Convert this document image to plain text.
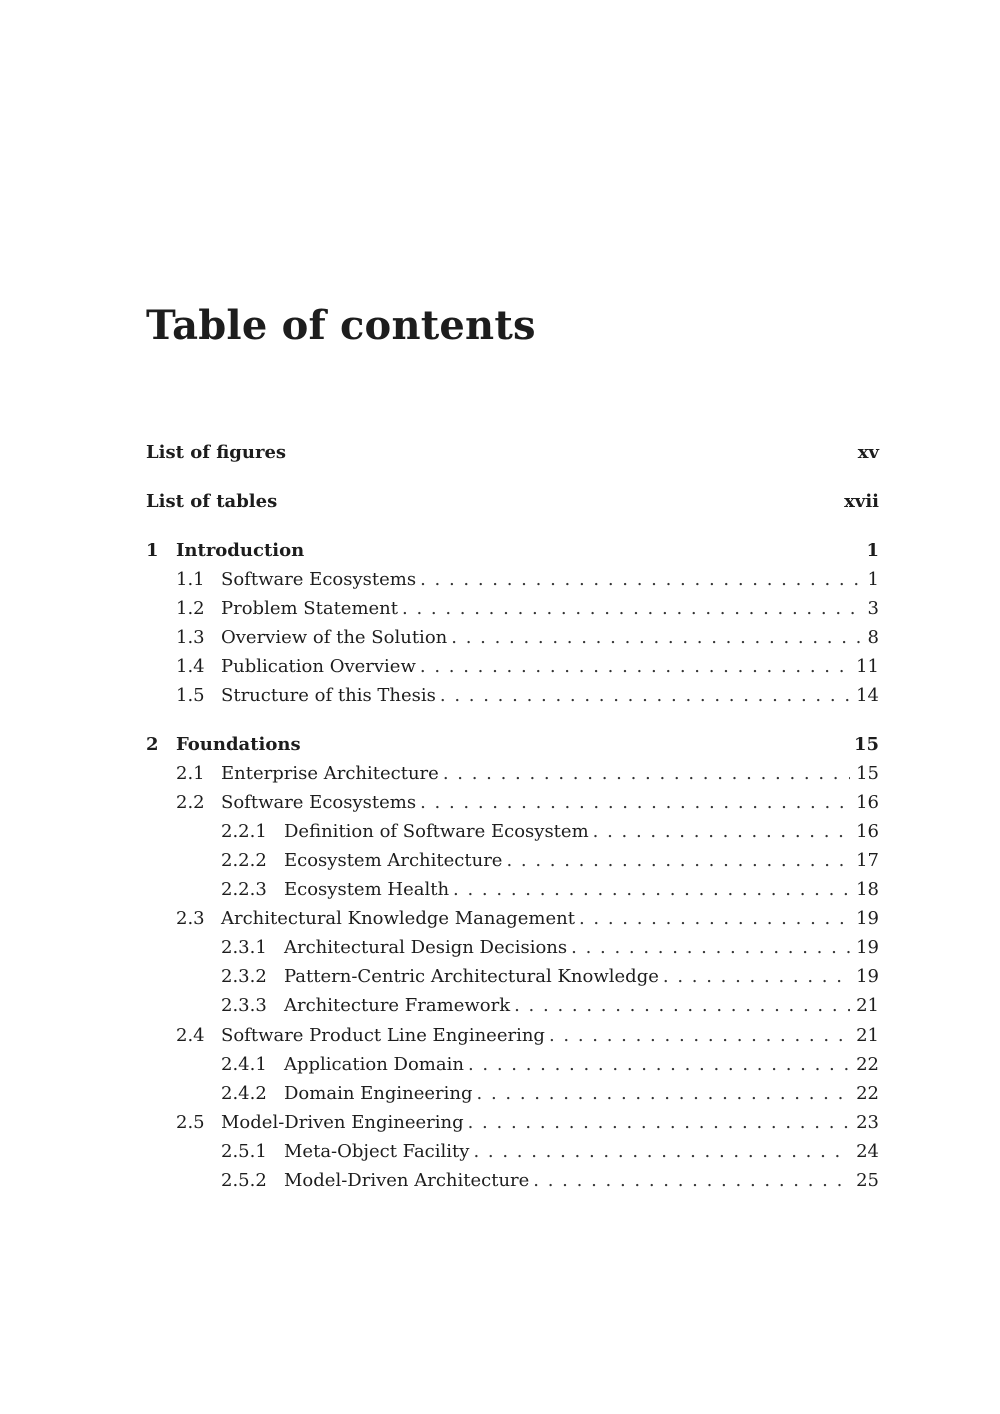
Table of contents
List of figures	xv
List of tables	xvii
1 Introduction	1
1.1 Software Ecosystems . . .	1
1.2 Problem Statement . . .	3
1.3 Overview of the Solution . . .	8
1.4 Publication Overview . . .	11
1.5 Structure of this Thesis . . .	14
2 Foundations	15
2.1 Enterprise Architecture . . .	15
2.2 Software Ecosystems . . .	16
2.2.1 Definition of Software Ecosystem . . .	16
2.2.2 Ecosystem Architecture . . .	17
2.2.3 Ecosystem Health . . .	18
2.3 Architectural Knowledge Management . . .	19
2.3.1 Architectural Design Decisions . . .	19
2.3.2 Pattern-Centric Architectural Knowledge . . .	19
2.3.3 Architecture Framework . . .	21
2.4 Software Product Line Engineering . . .	21
2.4.1 Application Domain . . .	22
2.4.2 Domain Engineering . . .	22
2.5 Model-Driven Engineering . . .	23
2.5.1 Meta-Object Facility . . .	24
2.5.2 Model-Driven Architecture . . .	25
